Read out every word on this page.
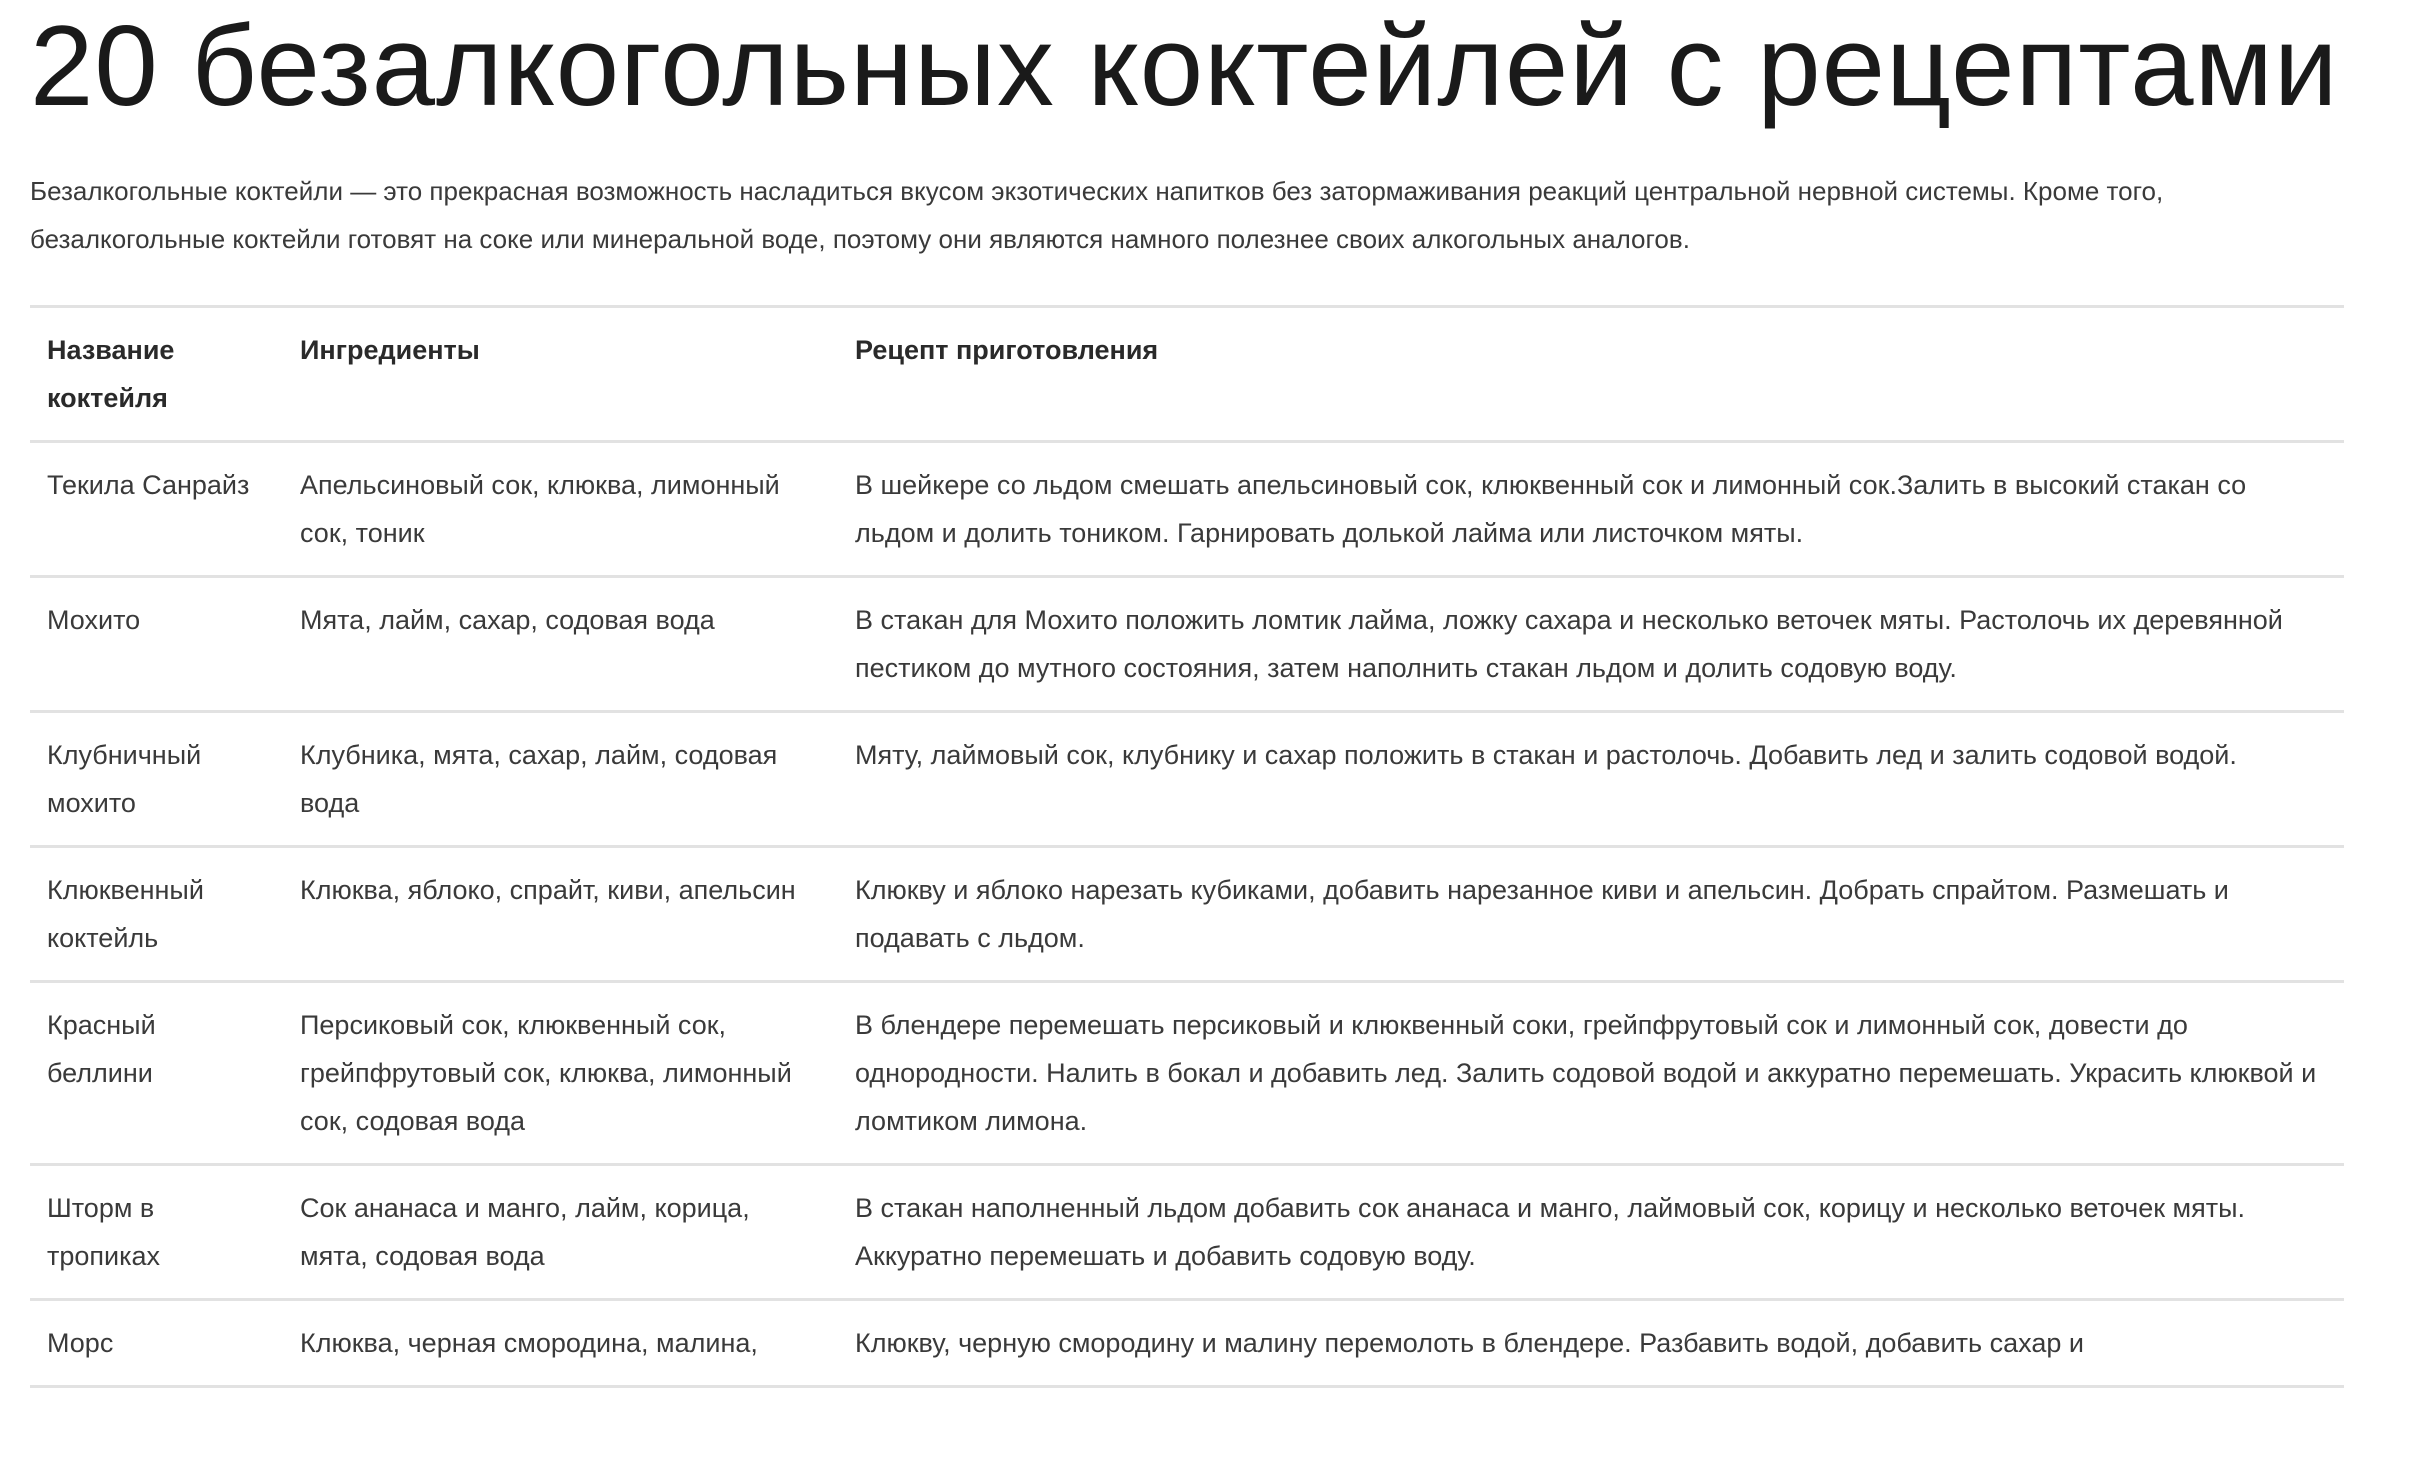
20 безалкогольных коктейлей с рецептами

Безалкогольные коктейли — это прекрасная возможность насладиться вкусом экзотических напитков без затормаживания реакций центральной нервной системы. Кроме того, безалкогольные коктейли готовят на соке или минеральной воде, поэтому они являются намного полезнее своих алкогольных аналогов.

Название коктейля	Ингредиенты	Рецепт приготовления
Текила Санрайз	Апельсиновый сок, клюква, лимонный сок, тоник	В шейкере со льдом смешать апельсиновый сок, клюквенный сок и лимонный сок.Залить в высокий стакан со льдом и долить тоником. Гарнировать долькой лайма или листочком мяты.
Мохито	Мята, лайм, сахар, содовая вода	В стакан для Мохито положить ломтик лайма, ложку сахара и несколько веточек мяты. Растолочь их деревянной пестиком до мутного состояния, затем наполнить стакан льдом и долить содовую воду.
Клубничный мохито	Клубника, мята, сахар, лайм, содовая вода	Мяту, лаймовый сок, клубнику и сахар положить в стакан и растолочь. Добавить лед и залить содовой водой.
Клюквенный коктейль	Клюква, яблоко, спрайт, киви, апельсин	Клюкву и яблоко нарезать кубиками, добавить нарезанное киви и апельсин. Добрать спрайтом. Размешать и подавать с льдом.
Красный беллини	Персиковый сок, клюквенный сок, грейпфрутовый сок, клюква, лимонный сок, содовая вода	В блендере перемешать персиковый и клюквенный соки, грейпфрутовый сок и лимонный сок, довести до однородности. Налить в бокал и добавить лед. Залить содовой водой и аккуратно перемешать. Украсить клюквой и ломтиком лимона.
Шторм в тропиках	Сок ананаса и манго, лайм, корица, мята, содовая вода	В стакан наполненный льдом добавить сок ананаса и манго, лаймовый сок, корицу и несколько веточек мяты. Аккуратно перемешать и добавить содовую воду.
Морс	Клюква, черная смородина, малина,	Клюкву, черную смородину и малину перемолоть в блендере. Разбавить водой, добавить сахар и
